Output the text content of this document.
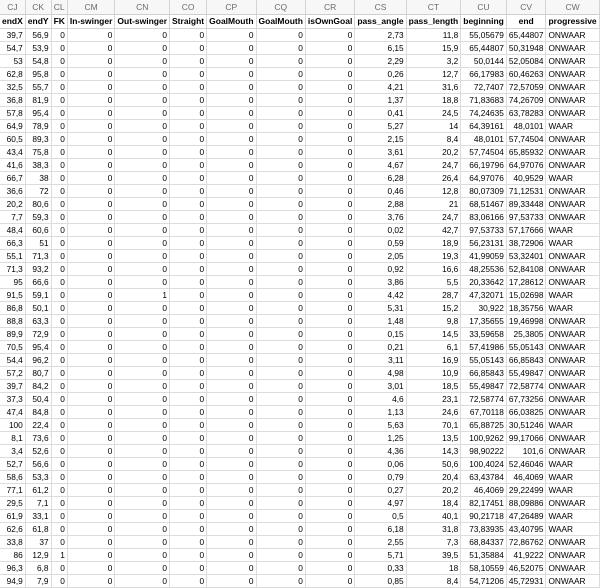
CJ	CK	CL	CM	CN	CO	CP	CQ	CR	CS	CT	CU	CV	CW
endX	endY	FK	In-swinger	Out-swinger	Straight	GoalMouth	GoalMouth	isOwnGoal	pass_angle	pass_length	beginning	end	progressive
39,7	56,9	0	0	0	0	0	0	0	2,73	11,8	55,05679	65,44807	ONWAAR
54,7	53,9	0	0	0	0	0	0	0	6,15	15,9	65,44807	50,31948	ONWAAR
53	54,8	0	0	0	0	0	0	0	2,29	3,2	50,0144	52,05084	ONWAAR
62,8	95,8	0	0	0	0	0	0	0	0,26	12,7	66,17983	60,46263	ONWAAR
32,5	55,7	0	0	0	0	0	0	0	4,21	31,6	72,7407	72,57059	ONWAAR
36,8	81,9	0	0	0	0	0	0	0	1,37	18,8	71,83683	74,26709	ONWAAR
57,8	95,4	0	0	0	0	0	0	0	0,41	24,5	74,24635	63,78283	ONWAAR
64,9	78,9	0	0	0	0	0	0	0	5,27	14	64,39161	48,0101	WAAR
60,5	89,3	0	0	0	0	0	0	0	2,15	8,4	48,0101	57,74504	ONWAAR
43,4	75,8	0	0	0	0	0	0	0	3,61	20,2	57,74504	65,85932	ONWAAR
41,6	38,3	0	0	0	0	0	0	0	4,67	24,7	66,19796	64,97076	ONWAAR
66,7	38	0	0	0	0	0	0	0	6,28	26,4	64,97076	40,9529	WAAR
36,6	72	0	0	0	0	0	0	0	0,46	12,8	80,07309	71,12531	ONWAAR
20,2	80,6	0	0	0	0	0	0	0	2,88	21	68,51467	89,33448	ONWAAR
7,7	59,3	0	0	0	0	0	0	0	3,76	24,7	83,06166	97,53733	ONWAAR
48,4	60,6	0	0	0	0	0	0	0	0,02	42,7	97,53733	57,17666	WAAR
66,3	51	0	0	0	0	0	0	0	0,59	18,9	56,23131	38,72906	WAAR
55,1	71,3	0	0	0	0	0	0	0	2,05	19,3	41,99059	53,32401	ONWAAR
71,3	93,2	0	0	0	0	0	0	0	0,92	16,6	48,25536	52,84108	ONWAAR
95	66,6	0	0	0	0	0	0	0	3,86	5,5	20,33642	17,28612	ONWAAR
91,5	59,1	0	0	1	0	0	0	0	4,42	28,7	47,32071	15,02698	WAAR
86,8	50,1	0	0	0	0	0	0	0	5,31	15,2	30,922	18,35756	WAAR
88,8	63,3	0	0	0	0	0	0	0	1,48	9,8	17,35655	19,46998	ONWAAR
89,9	72,9	0	0	0	0	0	0	0	0,15	14,5	33,59658	25,3805	ONWAAR
70,5	95,4	0	0	0	0	0	0	0	0,21	6,1	57,41986	55,05143	ONWAAR
54,4	96,2	0	0	0	0	0	0	0	3,11	16,9	55,05143	66,85843	ONWAAR
57,2	80,7	0	0	0	0	0	0	0	4,98	10,9	66,85843	55,49847	ONWAAR
39,7	84,2	0	0	0	0	0	0	0	3,01	18,5	55,49847	72,58774	ONWAAR
37,3	50,4	0	0	0	0	0	0	0	4,6	23,1	72,58774	67,73256	ONWAAR
47,4	84,8	0	0	0	0	0	0	0	1,13	24,6	67,70118	66,03825	ONWAAR
100	22,4	0	0	0	0	0	0	0	5,63	70,1	65,88725	30,51246	WAAR
8,1	73,6	0	0	0	0	0	0	0	1,25	13,5	100,9262	99,17066	ONWAAR
3,4	52,6	0	0	0	0	0	0	0	4,36	14,3	98,90222	101,6	ONWAAR
52,7	56,6	0	0	0	0	0	0	0	0,06	50,6	100,4024	52,46046	WAAR
58,6	53,3	0	0	0	0	0	0	0	0,79	20,4	63,43784	46,4069	WAAR
77,1	61,2	0	0	0	0	0	0	0	0,27	20,2	46,4069	29,22499	WAAR
29,5	7,1	0	0	0	0	0	0	0	4,97	18,4	82,17451	88,09886	ONWAAR
61,9	33,1	0	0	0	0	0	0	0	0,5	40,1	90,21718	47,26489	WAAR
62,6	61,8	0	0	0	0	0	0	0	6,18	31,8	73,83935	43,40795	WAAR
33,8	37	0	0	0	0	0	0	0	2,55	7,3	68,84337	72,86762	ONWAAR
86	12,9	1	0	0	0	0	0	0	5,71	39,5	51,35884	41,9222	ONWAAR
96,3	6,8	0	0	0	0	0	0	0	0,33	18	58,10559	46,52075	ONWAAR
94,9	7,9	0	0	0	0	0	0	0	0,85	8,4	54,71206	45,72931	ONWAAR
